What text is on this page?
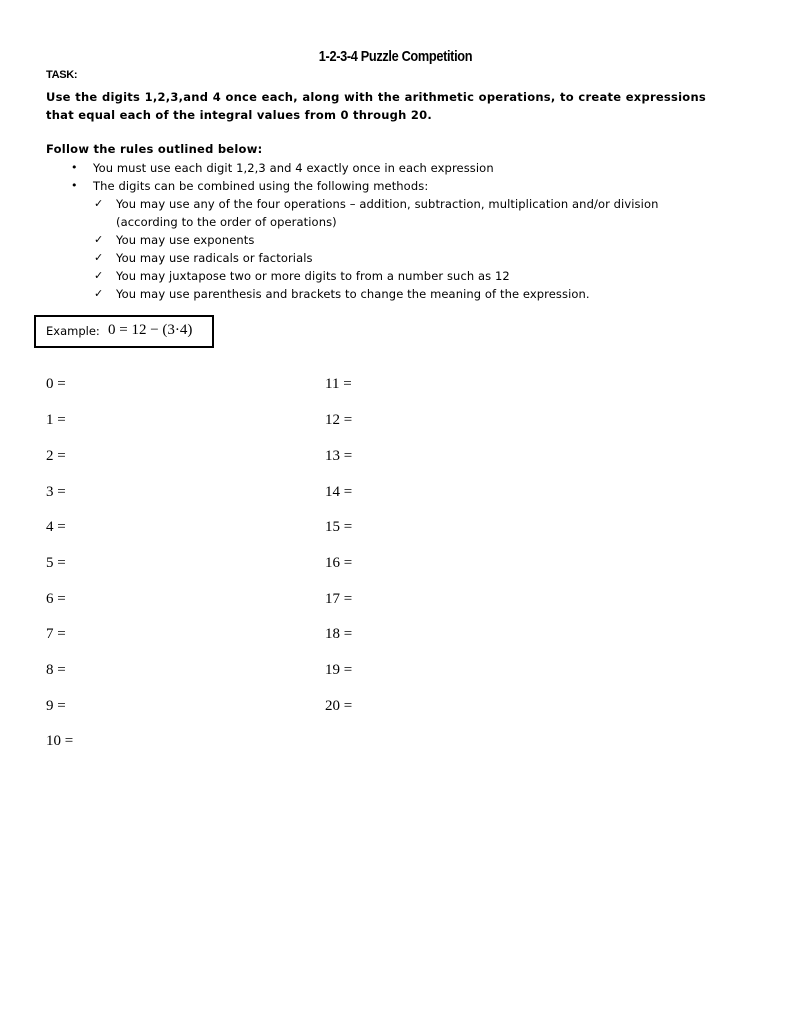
1-2-3-4 Puzzle Competition
TASK:
Use the digits 1,2,3,and 4 once each, along with the arithmetic operations, to create expressions that equal each of the integral values from 0 through 20.
Follow the rules outlined below:
• You must use each digit 1,2,3 and 4 exactly once in each expression
• The digits can be combined using the following methods:
✓ You may use any of the four operations – addition, subtraction, multiplication and/or division (according to the order of operations)
✓ You may use exponents
✓ You may use radicals or factorials
✓ You may juxtapose two or more digits to from a number such as 12
✓ You may use parenthesis and brackets to change the meaning of the expression.
Example: 0 = 12 − (3·4)
0 =
1 =
2 =
3 =
4 =
5 =
6 =
7 =
8 =
9 =
10 =
11 =
12 =
13 =
14 =
15 =
16 =
17 =
18 =
19 =
20 =
